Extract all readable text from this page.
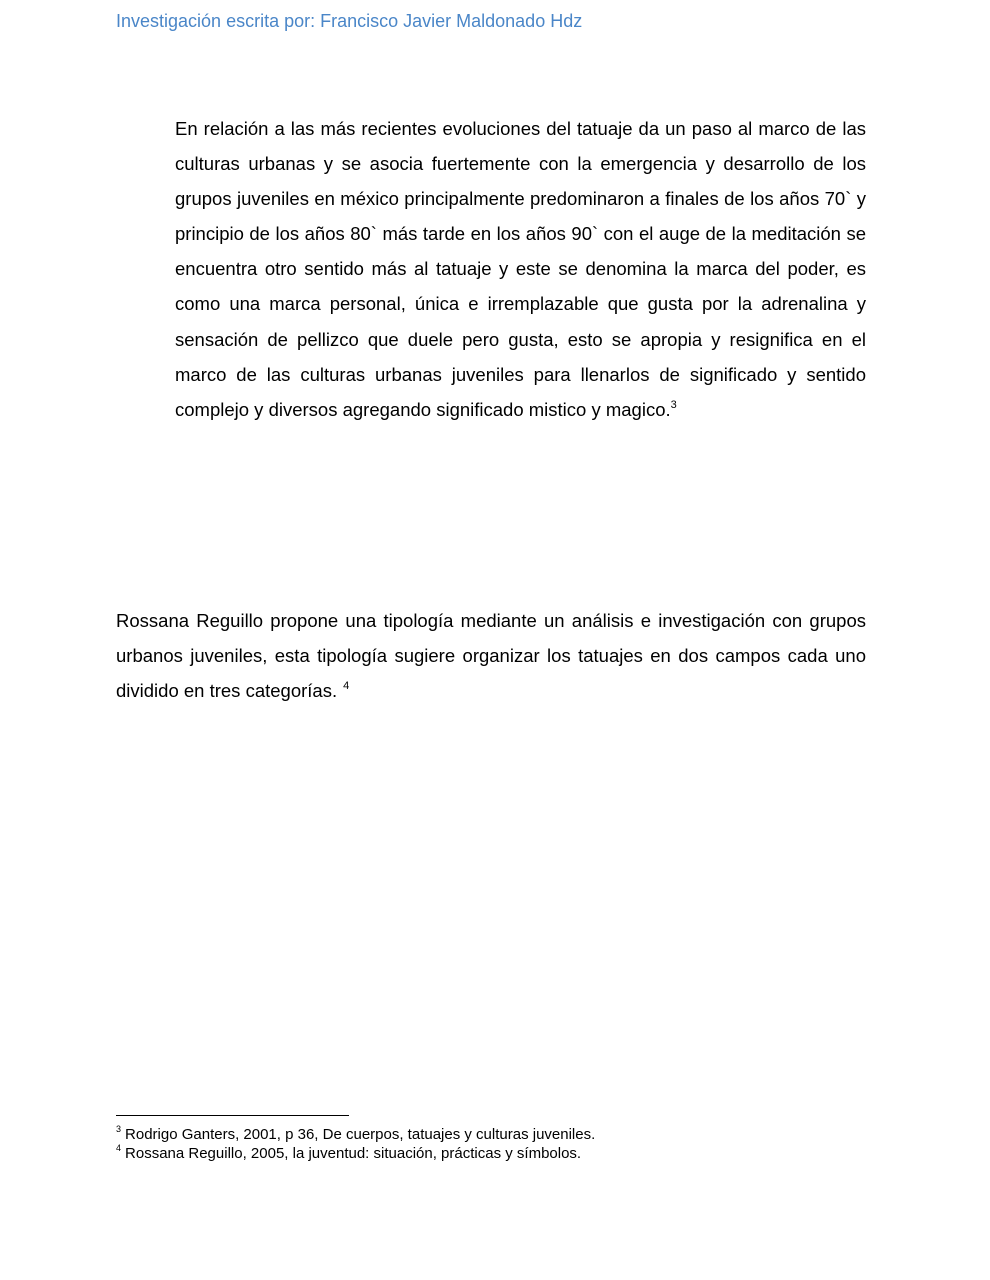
Investigación escrita por: Francisco Javier Maldonado Hdz

En relación a las más recientes evoluciones del tatuaje da un paso al marco de las culturas urbanas y se asocia fuertemente con la emergencia y desarrollo de los grupos juveniles en méxico principalmente predominaron a finales de los años 70` y principio de los años 80` más tarde en los años 90` con el auge de la meditación se encuentra otro sentido más al tatuaje y este se denomina la marca del poder, es como una marca personal, única e irremplazable que gusta por la adrenalina y sensación de pellizco que duele pero gusta, esto se apropia y resignifica en el marco de las culturas urbanas juveniles para llenarlos de significado y sentido complejo y diversos agregando significado mistico y magico.$^3$

Rossana Reguillo propone una tipología mediante un análisis e investigación con grupos urbanos juveniles, esta tipología sugiere organizar los tatuajes en dos campos cada uno dividido en tres categorías. $^4$

$^3$ Rodrigo Ganters, 2001, p 36, De cuerpos, tatuajes y culturas juveniles.
$^4$ Rossana Reguillo, 2005, la juventud: situación, prácticas y símbolos.
